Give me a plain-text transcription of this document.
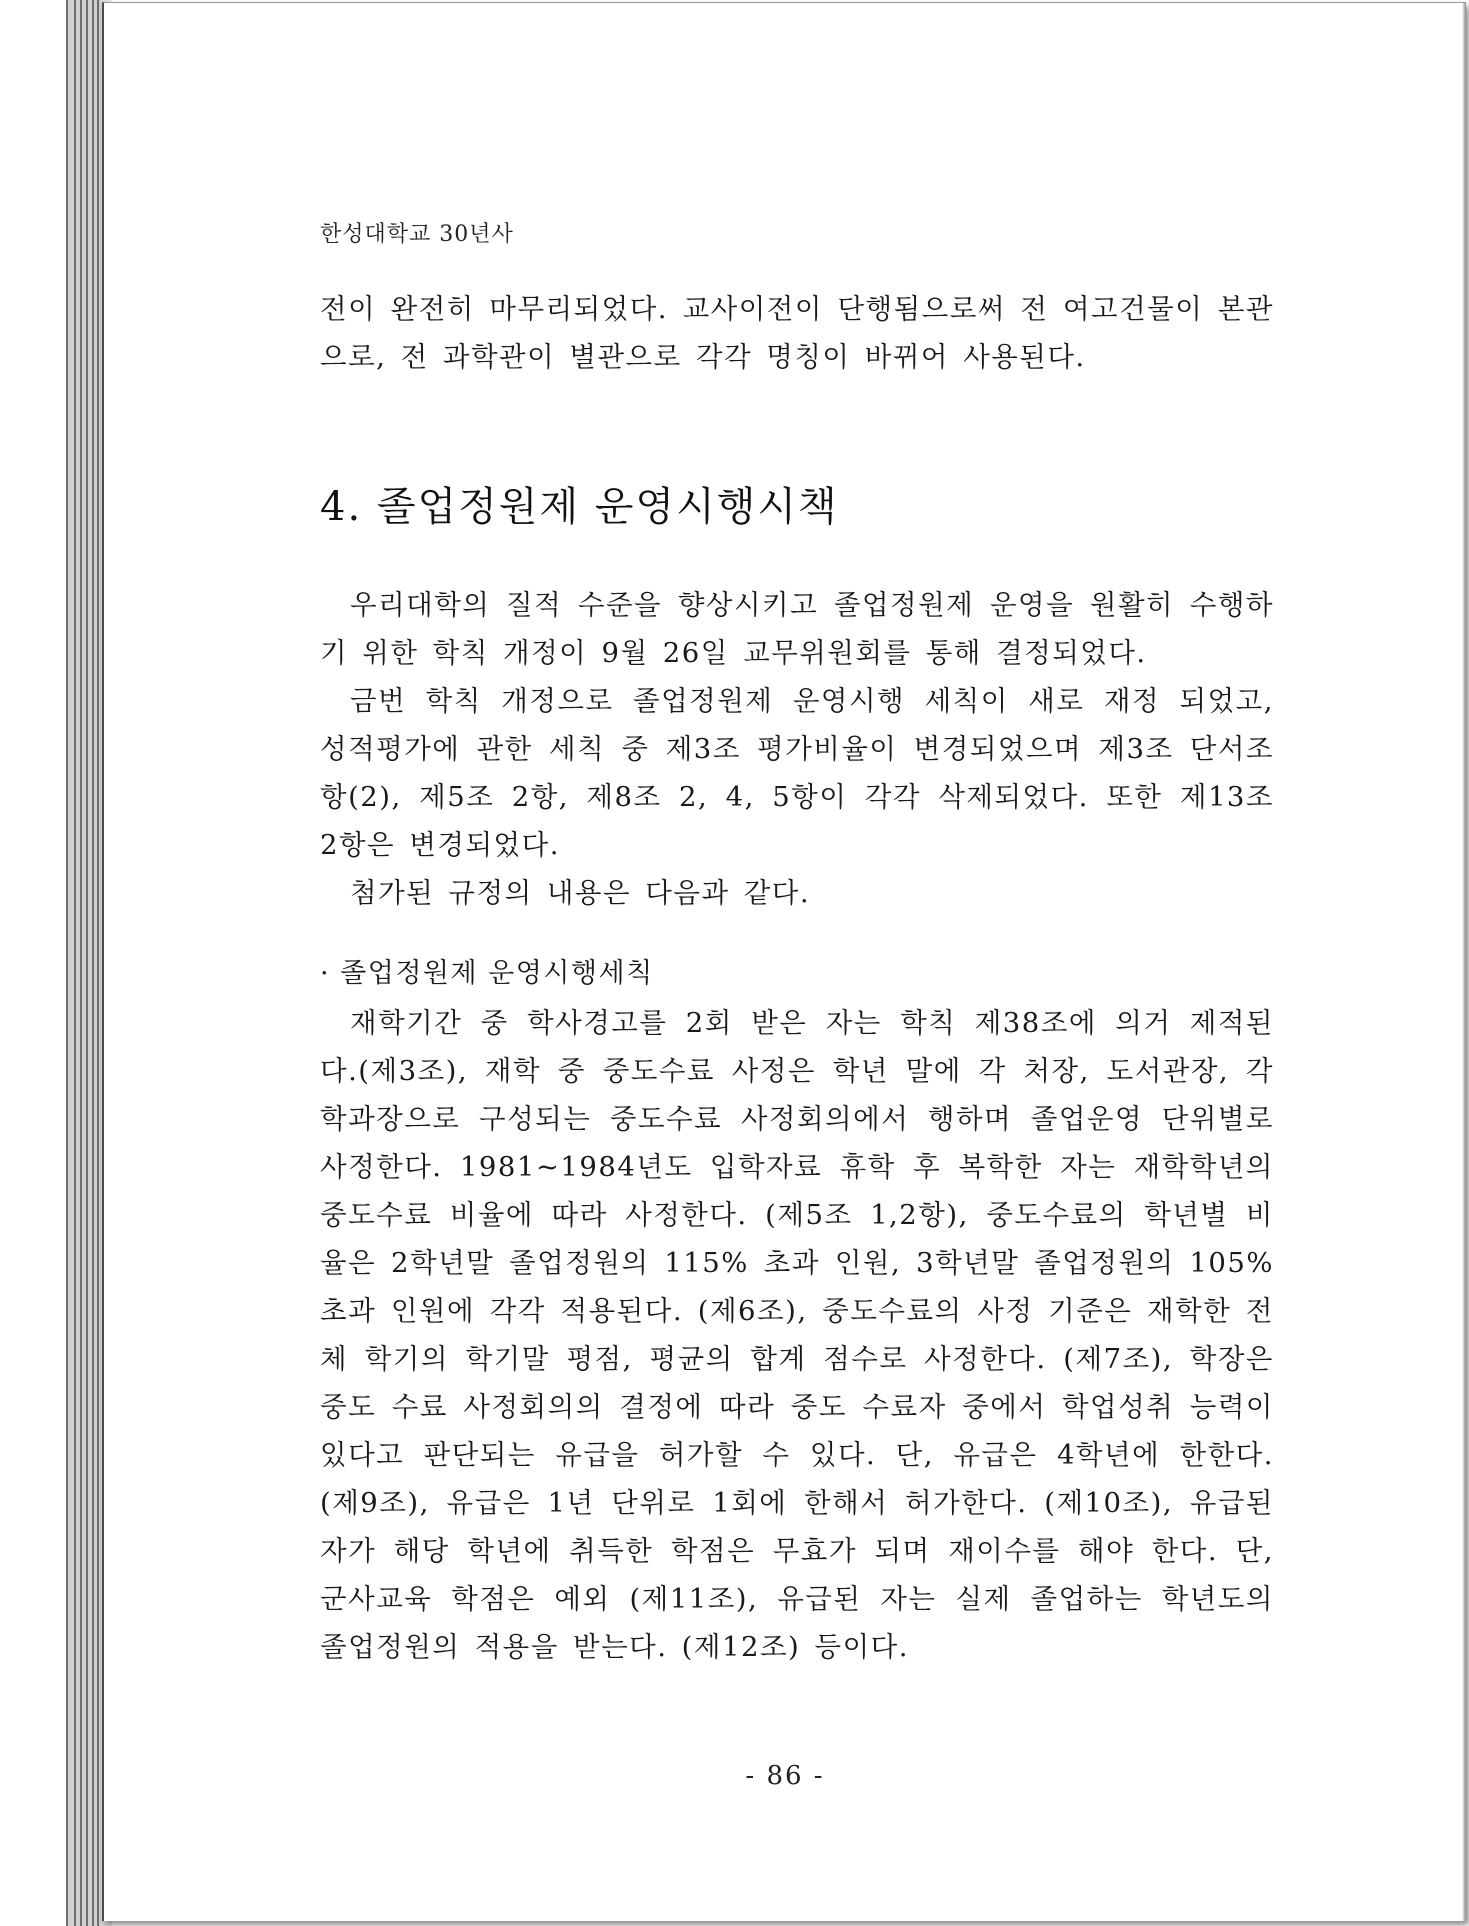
한성대학교 30년사

전이 완전히 마무리되었다. 교사이전이 단행됨으로써 전 여고건물이 본관으로, 전 과학관이 별관으로 각각 명칭이 바뀌어 사용된다.

4. 졸업정원제 운영시행시책

우리대학의 질적 수준을 향상시키고 졸업정원제 운영을 원활히 수행하기 위한 학칙 개정이 9월 26일 교무위원회를 통해 결정되었다.

금번 학칙 개정으로 졸업정원제 운영시행 세칙이 새로 재정 되었고, 성적평가에 관한 세칙 중 제3조 평가비율이 변경되었으며 제3조 단서조항(2), 제5조 2항, 제8조 2, 4, 5항이 각각 삭제되었다. 또한 제13조 2항은 변경되었다.

첨가된 규정의 내용은 다음과 같다.

· 졸업정원제 운영시행세칙

재학기간 중 학사경고를 2회 받은 자는 학칙 제38조에 의거 제적된다.(제3조), 재학 중 중도수료 사정은 학년 말에 각 처장, 도서관장, 각 학과장으로 구성되는 중도수료 사정회의에서 행하며 졸업운영 단위별로 사정한다. 1981~1984년도 입학자료 휴학 후 복학한 자는 재학학년의 중도수료 비율에 따라 사정한다. (제5조 1,2항), 중도수료의 학년별 비율은 2학년말 졸업정원의 115% 초과 인원, 3학년말 졸업정원의 105% 초과 인원에 각각 적용된다. (제6조), 중도수료의 사정 기준은 재학한 전체 학기의 학기말 평점, 평균의 합계 점수로 사정한다. (제7조), 학장은 중도 수료 사정회의의 결정에 따라 중도 수료자 중에서 학업성취 능력이 있다고 판단되는 유급을 허가할 수 있다. 단, 유급은 4학년에 한한다. (제9조), 유급은 1년 단위로 1회에 한해서 허가한다. (제10조), 유급된 자가 해당 학년에 취득한 학점은 무효가 되며 재이수를 해야 한다. 단, 군사교육 학점은 예외 (제11조), 유급된 자는 실제 졸업하는 학년도의 졸업정원의 적용을 받는다. (제12조) 등이다.

- 86 -
